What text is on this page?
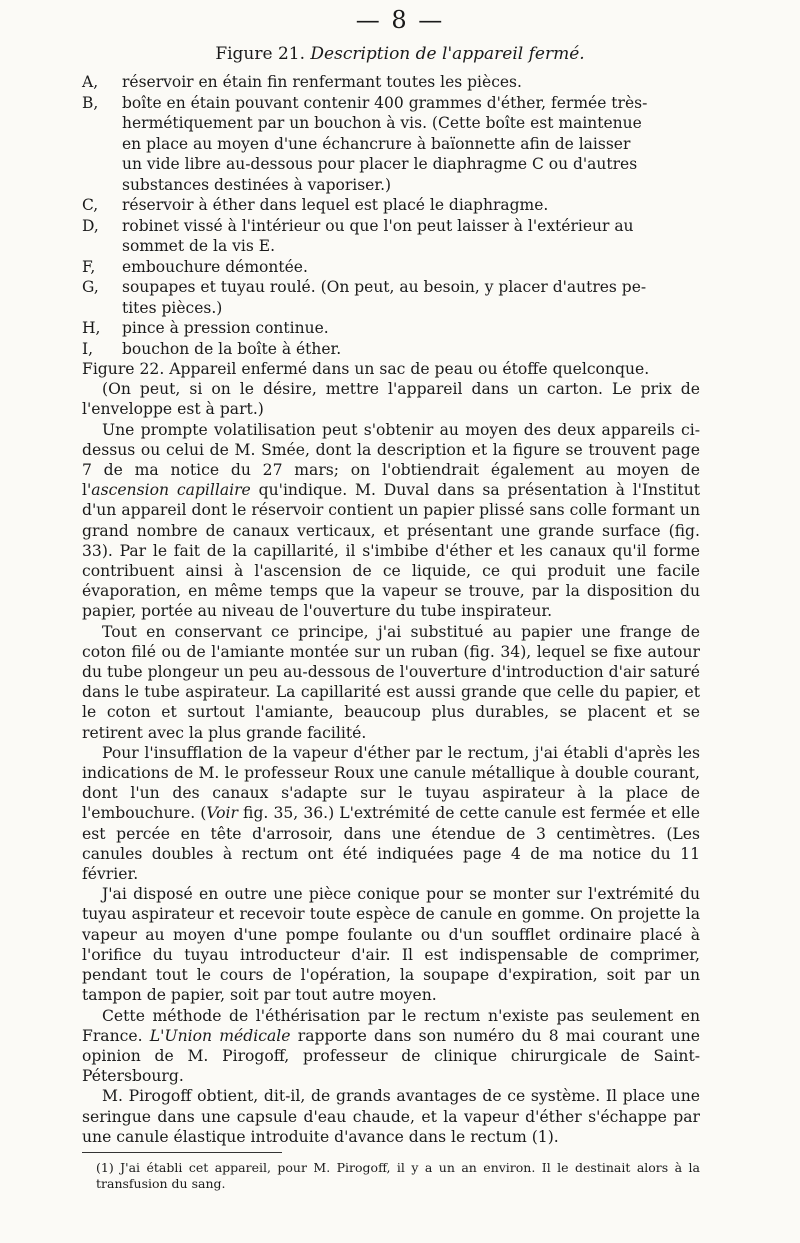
— 8 —
Figure 21. Description de l'appareil fermé.
A,	réservoir en étain fin renfermant toutes les pièces.
B,	boîte en étain pouvant contenir 400 grammes d'éther, fermée très-
hermétiquement par un bouchon à vis. (Cette boîte est maintenue
en place au moyen d'une échancrure à baïonnette afin de laisser
un vide libre au-dessous pour placer le diaphragme C ou d'autres
substances destinées à vaporiser.)
C,	réservoir à éther dans lequel est placé le diaphragme.
D,	robinet vissé à l'intérieur ou que l'on peut laisser à l'extérieur au
sommet de la vis E.
F,	embouchure démontée.
G,	soupapes et tuyau roulé. (On peut, au besoin, y placer d'autres pe-
tites pièces.)
H,	pince à pression continue.
I,	bouchon de la boîte à éther.

Figure 22. Appareil enfermé dans un sac de peau ou étoffe quelconque.

(On peut, si on le désire, mettre l'appareil dans un carton. Le prix de l'enveloppe est à part.)

Une prompte volatilisation peut s'obtenir au moyen des deux appareils ci-dessus ou celui de M. Smée, dont la description et la figure se trouvent page 7 de ma notice du 27 mars; on l'obtiendrait également au moyen de l'ascension capillaire qu'indique. M. Duval dans sa présentation à l'Institut d'un appareil dont le réservoir contient un papier plissé sans colle formant un grand nombre de canaux verticaux, et présentant une grande surface (fig. 33). Par le fait de la capillarité, il s'imbibe d'éther et les canaux qu'il forme contribuent ainsi à l'ascension de ce liquide, ce qui produit une facile évaporation, en même temps que la vapeur se trouve, par la disposition du papier, portée au niveau de l'ouverture du tube inspirateur.

Tout en conservant ce principe, j'ai substitué au papier une frange de coton filé ou de l'amiante montée sur un ruban (fig. 34), lequel se fixe autour du tube plongeur un peu au-dessous de l'ouverture d'introduction d'air saturé dans le tube aspirateur. La capillarité est aussi grande que celle du papier, et le coton et surtout l'amiante, beaucoup plus durables, se placent et se retirent avec la plus grande facilité.

Pour l'insufflation de la vapeur d'éther par le rectum, j'ai établi d'après les indications de M. le professeur Roux une canule métallique à double courant, dont l'un des canaux s'adapte sur le tuyau aspirateur à la place de l'embouchure. (Voir fig. 35, 36.) L'extrémité de cette canule est fermée et elle est percée en tête d'arrosoir, dans une étendue de 3 centimètres. (Les canules doubles à rectum ont été indiquées page 4 de ma notice du 11 février.

J'ai disposé en outre une pièce conique pour se monter sur l'extrémité du tuyau aspirateur et recevoir toute espèce de canule en gomme. On projette la vapeur au moyen d'une pompe foulante ou d'un soufflet ordinaire placé à l'orifice du tuyau introducteur d'air. Il est indispensable de comprimer, pendant tout le cours de l'opération, la soupape d'expiration, soit par un tampon de papier, soit par tout autre moyen.

Cette méthode de l'éthérisation par le rectum n'existe pas seulement en France. L'Union médicale rapporte dans son numéro du 8 mai courant une opinion de M. Pirogoff, professeur de clinique chirurgicale de Saint-Pétersbourg.

M. Pirogoff obtient, dit-il, de grands avantages de ce système. Il place une seringue dans une capsule d'eau chaude, et la vapeur d'éther s'échappe par une canule élastique introduite d'avance dans le rectum (1).

(1) J'ai établi cet appareil, pour M. Pirogoff, il y a un an environ. Il le destinait alors à la transfusion du sang.
